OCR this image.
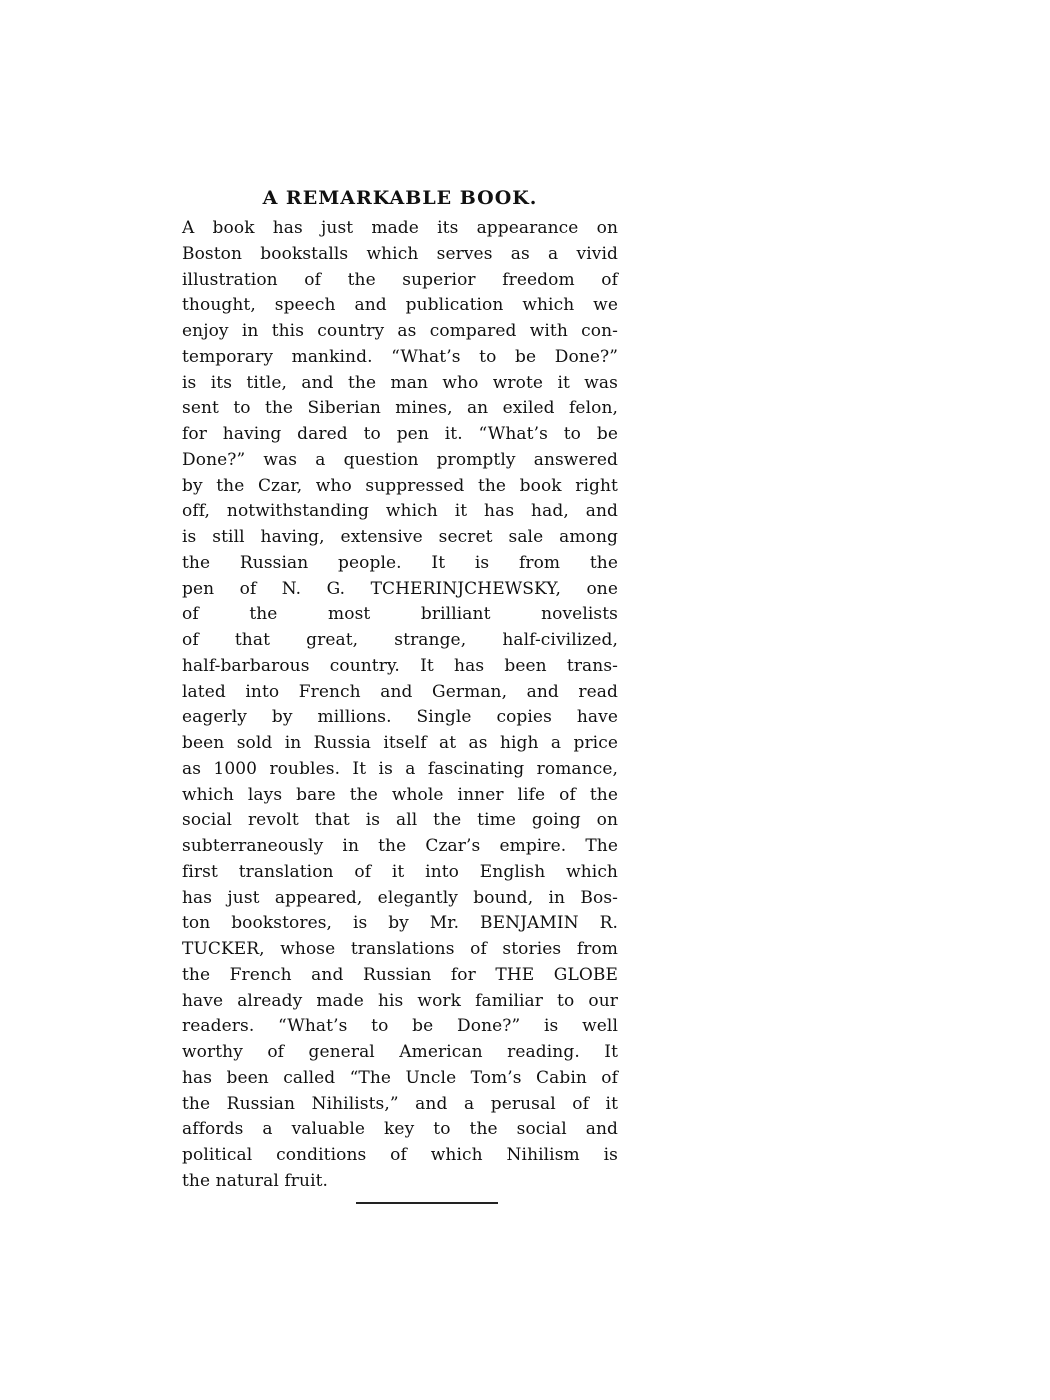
A REMARKABLE BOOK.
A book has just made its appearance on
Boston bookstalls which serves as a vivid
illustration of the superior freedom of
thought, speech and publication which we
enjoy in this country as compared with con-
temporary mankind. “What’s to be Done?”
is its title, and the man who wrote it was
sent to the Siberian mines, an exiled felon,
for having dared to pen it. “What’s to be
Done?” was a question promptly answered
by the Czar, who suppressed the book right
off, notwithstanding which it has had, and
is still having, extensive secret sale among
the Russian people. It is from the
pen of N. G. TCHERINJCHEWSKY, one
of the most brilliant novelists
of that great, strange, half-civilized,
half-barbarous country. It has been trans-
lated into French and German, and read
eagerly by millions. Single copies have
been sold in Russia itself at as high a price
as 1000 roubles. It is a fascinating romance,
which lays bare the whole inner life of the
social revolt that is all the time going on
subterraneously in the Czar’s empire. The
first translation of it into English which
has just appeared, elegantly bound, in Bos-
ton bookstores, is by Mr. BENJAMIN R.
TUCKER, whose translations of stories from
the French and Russian for THE GLOBE
have already made his work familiar to our
readers. “What’s to be Done?” is well
worthy of general American reading. It
has been called “The Uncle Tom’s Cabin of
the Russian Nihilists,” and a perusal of it
affords a valuable key to the social and
political conditions of which Nihilism is
the natural fruit.
